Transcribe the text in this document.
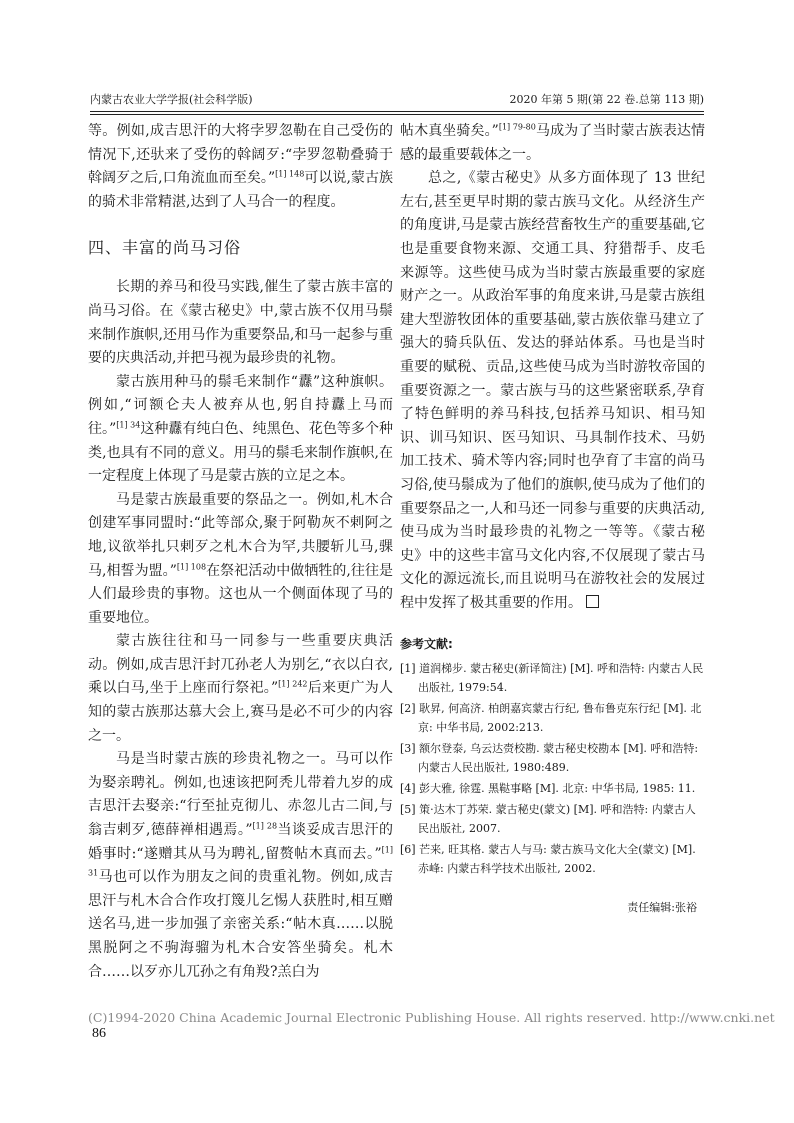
内蒙古农业大学学报(社会科学版)	2020 年第 5 期(第 22 卷.总第 113 期)

等。例如,成吉思汗的大将孛罗忽勒在自己受伤的情况下,还驮来了受伤的斡阔歹:“孛罗忽勒叠骑于斡阔歹之后,口角流血而至矣。”$^{[1] 148}$可以说,蒙古族的骑术非常精湛,达到了人马合一的程度。

四、丰富的尚马习俗

长期的养马和役马实践,催生了蒙古族丰富的尚马习俗。在《蒙古秘史》中,蒙古族不仅用马鬃来制作旗帜,还用马作为重要祭品,和马一起参与重要的庆典活动,并把马视为最珍贵的礼物。

蒙古族用种马的鬃毛来制作“纛”这种旗帜。例如,“诃额仑夫人被弃从也,躬自持纛上马而往。”$^{[1] 34}$这种纛有纯白色、纯黑色、花色等多个种类,也具有不同的意义。用马的鬃毛来制作旗帜,在一定程度上体现了马是蒙古族的立足之本。

马是蒙古族最重要的祭品之一。例如,札木合创建军事同盟时:“此等部众,聚于阿勒灰不剌阿之地,议欲举扎只剌歹之札木合为罕,共腰斩儿马,骒马,相誓为盟。”$^{[1] 108}$在祭祀活动中做牺牲的,往往是人们最珍贵的事物。这也从一个侧面体现了马的重要地位。

蒙古族往往和马一同参与一些重要庆典活动。例如,成吉思汗封兀孙老人为别乞,“衣以白衣,乘以白马,坐于上座而行祭祀。”$^{[1] 242}$后来更广为人知的蒙古族那达慕大会上,赛马是必不可少的内容之一。

马是当时蒙古族的珍贵礼物之一。马可以作为娶亲聘礼。例如,也速该把阿秃儿带着九岁的成吉思汗去娶亲:“行至扯克彻儿、赤忽儿古二间,与翁吉剌歹,德薛禅相遇焉。”$^{[1] 28}$当谈妥成吉思汗的婚事时:“遂赠其从马为聘礼,留赘帖木真而去。”$^{[1] 31}$马也可以作为朋友之间的贵重礼物。例如,成吉思汗与札木合合作攻打篾儿乞惕人获胜时,相互赠送名马,进一步加强了亲密关系:“帖木真……以脱黑脱阿之不驹海骝为札木合安答坐骑矣。札木合……以歹亦儿兀孙之有角羖?羔白为

帖木真坐骑矣。”$^{[1] 79-80}$马成为了当时蒙古族表达情感的最重要载体之一。

总之,《蒙古秘史》从多方面体现了 13 世纪左右,甚至更早时期的蒙古族马文化。从经济生产的角度讲,马是蒙古族经营畜牧生产的重要基础,它也是重要食物来源、交通工具、狩猎帮手、皮毛来源等。这些使马成为当时蒙古族最重要的家庭财产之一。从政治军事的角度来讲,马是蒙古族组建大型游牧团体的重要基础,蒙古族依靠马建立了强大的骑兵队伍、发达的驿站体系。马也是当时重要的赋税、贡品,这些使马成为当时游牧帝国的重要资源之一。蒙古族与马的这些紧密联系,孕育了特色鲜明的养马科技,包括养马知识、相马知识、训马知识、医马知识、马具制作技术、马奶加工技术、骑术等内容;同时也孕育了丰富的尚马习俗,使马鬃成为了他们的旗帜,使马成为了他们的重要祭品之一,人和马还一同参与重要的庆典活动,使马成为当时最珍贵的礼物之一等等。《蒙古秘史》中的这些丰富马文化内容,不仅展现了蒙古马文化的源远流长,而且说明马在游牧社会的发展过程中发挥了极其重要的作用。

参考文献:
[1] 道润梯步. 蒙古秘史(新译简注) [M]. 呼和浩特: 内蒙古人民出版社, 1979:54.
[2] 耿昇, 何高济. 柏朗嘉宾蒙古行纪, 鲁布鲁克东行纪 [M]. 北京: 中华书局, 2002:213.
[3] 额尔登泰, 乌云达赍校勘. 蒙古秘史校勘本 [M]. 呼和浩特: 内蒙古人民出版社, 1980:489.
[4] 彭大雅, 徐霆. 黑鞑事略 [M]. 北京: 中华书局, 1985: 11.
[5] 策·达木丁苏荣. 蒙古秘史(蒙文) [M]. 呼和浩特: 内蒙古人民出版社, 2007.
[6] 芒来, 旺其格. 蒙古人与马: 蒙古族马文化大全(蒙文) [M]. 赤峰: 内蒙古科学技术出版社, 2002.
责任编辑:张裕
(C)1994-2020 China Academic Journal Electronic Publishing House. All rights reserved. http://www.cnki.net
86
